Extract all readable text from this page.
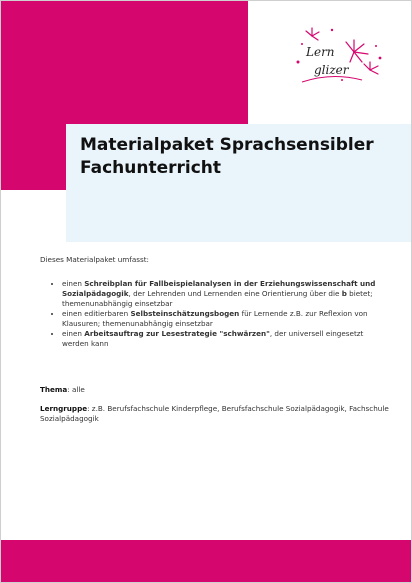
Lern
glizer
Materialpaket Sprachsensibler
Fachunterricht

Dieses Materialpaket umfasst:

• einen Schreibplan für Fallbeispielanalysen in der Erziehungswissenschaft und Sozialpädagogik, der Lehrenden und Lernenden eine Orientierung über die b bietet; themenunabhängig einsetzbar
• einen editierbaren Selbsteinschätzungsbogen für Lernende z.B. zur Reflexion von Klausuren; themenunabhängig einsetzbar
• einen Arbeitsauftrag zur Lesestrategie "schwärzen", der universell eingesetzt werden kann

Thema: alle

Lerngruppe: z.B. Berufsfachschule Kinderpflege, Berufsfachschule Sozialpädagogik, Fachschule Sozialpädagogik
